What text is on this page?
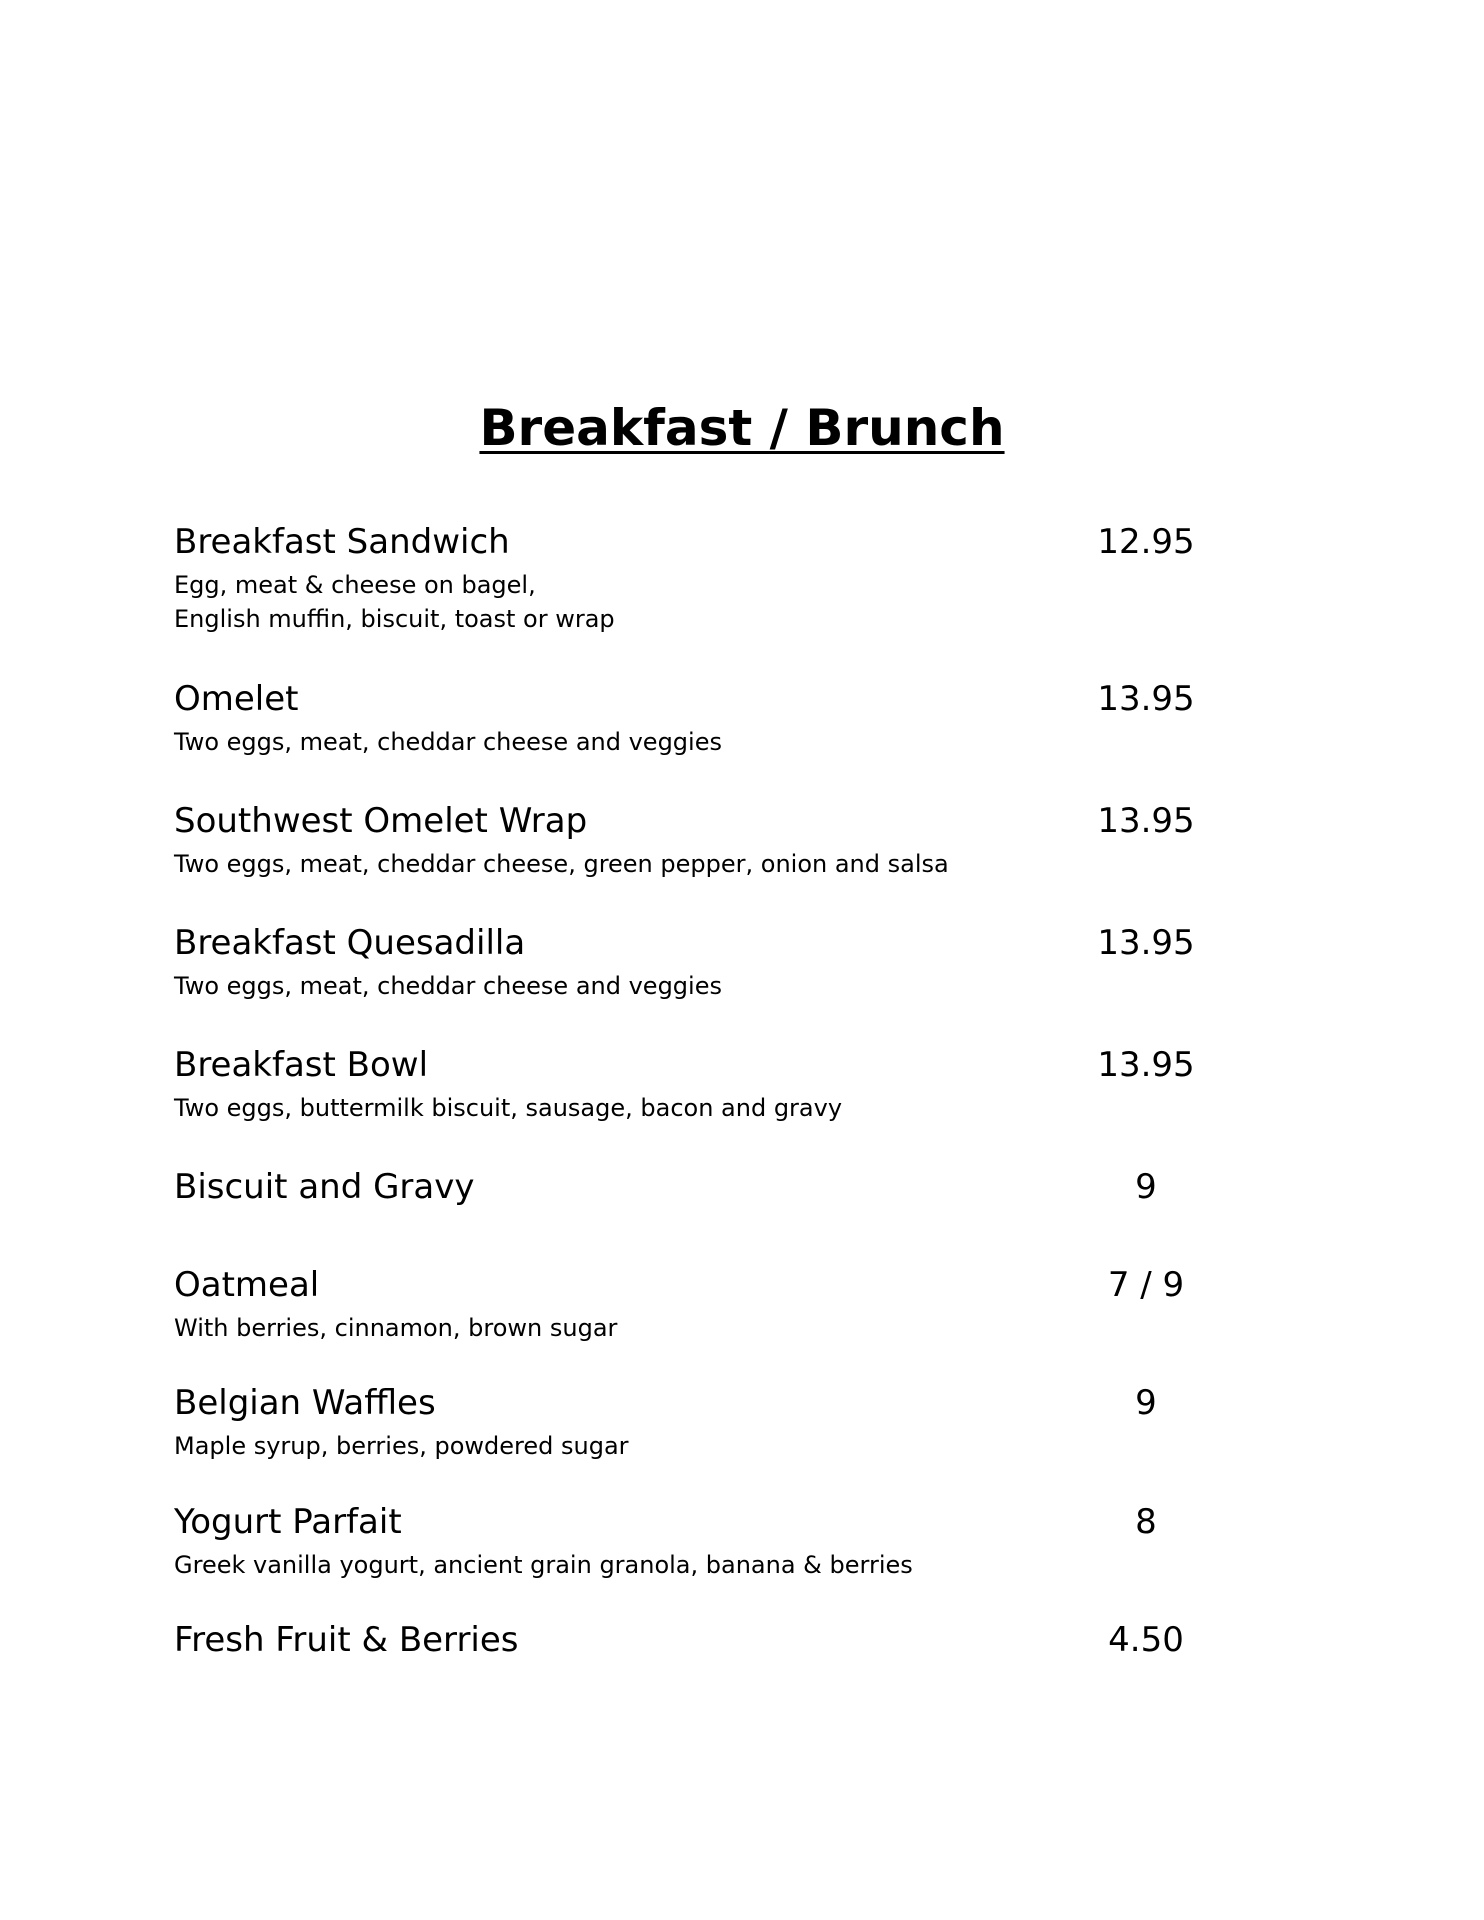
Breakfast / Brunch
Breakfast Sandwich	12.95
Egg, meat & cheese on bagel,
English muffin, biscuit, toast or wrap
Omelet	13.95
Two eggs, meat, cheddar cheese and veggies
Southwest Omelet Wrap	13.95
Two eggs, meat, cheddar cheese, green pepper, onion and salsa
Breakfast Quesadilla	13.95
Two eggs, meat, cheddar cheese and veggies
Breakfast Bowl	13.95
Two eggs, buttermilk biscuit, sausage, bacon and gravy
Biscuit and Gravy	9
Oatmeal	7 / 9
With berries, cinnamon, brown sugar
Belgian Waffles	9
Maple syrup, berries, powdered sugar
Yogurt Parfait	8
Greek vanilla yogurt, ancient grain granola, banana & berries
Fresh Fruit & Berries	4.50
